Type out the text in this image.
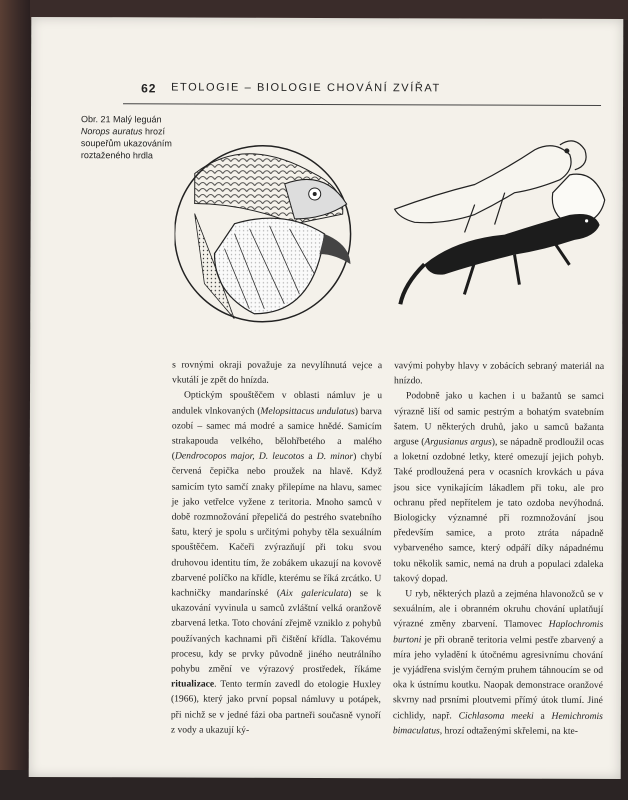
62 ETOLOGIE – BIOLOGIE CHOVÁNÍ ZVÍŘAT
Obr. 21 Malý leguán
Norops auratus hrozí soupeřům ukazováním roztaženého hrdla

s rovnými okraji považuje za nevylíhnutá vejce a vkutálí je zpět do hnízda.

Optickým spouštěčem v oblasti námluv je u andulek vlnkovaných (Melopsittacus undulatus) barva ozobí – samec má modré a samice hnědé. Samicím strakapouda velkého, bělohřbetého a malého (Dendrocopos major, D. leucotos a D. minor) chybí červená čepička nebo proužek na hlavě. Když samicím tyto samčí znaky přilepíme na hlavu, samec je jako vetřelce vyžene z teritoria. Mnoho samců v době rozmnožování přepeličá do pestrého svatebního šatu, který je spolu s určitými pohyby těla sexuálním spouštěčem. Kačeři zvýrazňují při toku svou druhovou identitu tím, že zobákem ukazují na kovově zbarvené políčko na křídle, kterému se říká zrcátko. U kachničky mandarínské (Aix galericulata) se k ukazování vyvinula u samců zvláštní velká oranžově zbarvená letka. Toto chování zřejmě vzniklo z pohybů používaných kachnami při čištění křídla. Takovému procesu, kdy se prvky původně jiného neutrálního pohybu změní ve výrazový prostředek, říkáme ritualizace. Tento termín zavedl do etologie Huxley (1966), který jako první popsal námluvy u potápek, při nichž se v jedné fázi oba partneři současně vynoří z vody a ukazují ký-

vavými pohyby hlavy v zobácích sebraný materiál na hnízdo.

Podobně jako u kachen i u bažantů se samci výrazně liší od samic pestrým a bohatým svatebním šatem. U některých druhů, jako u samců bažanta arguse (Argusianus argus), se nápadně prodloužil ocas a loketní ozdobné letky, které omezují jejich pohyb. Také prodloužená pera v ocasních krovkách u páva jsou sice vynikajícím lákadlem při toku, ale pro ochranu před nepřítelem je tato ozdoba nevýhodná. Biologicky významné při rozmnožování jsou především samice, a proto ztráta nápadně vybarveného samce, který odpáří díky nápadnému toku několik samic, nemá na druh a populaci zdaleka takový dopad.

U ryb, některých plazů a zejména hlavonožců se v sexuálním, ale i obranném okruhu chování uplatňují výrazné změny zbarvení. Tlamovec Haplochromis burtoni je při obraně teritoria velmi pestře zbarvený a míra jeho vyladění k útočnému agresivnímu chování je vyjádřena svislým černým pruhem táhnoucím se od oka k ústnímu koutku. Naopak demonstrace oranžové skvrny nad prsními ploutvemi přímý útok tlumí. Jiné cichlidy, např. Cichlasoma meeki a Hemichromis bimaculatus, hrozí odtaženými skřelemi, na kte-
